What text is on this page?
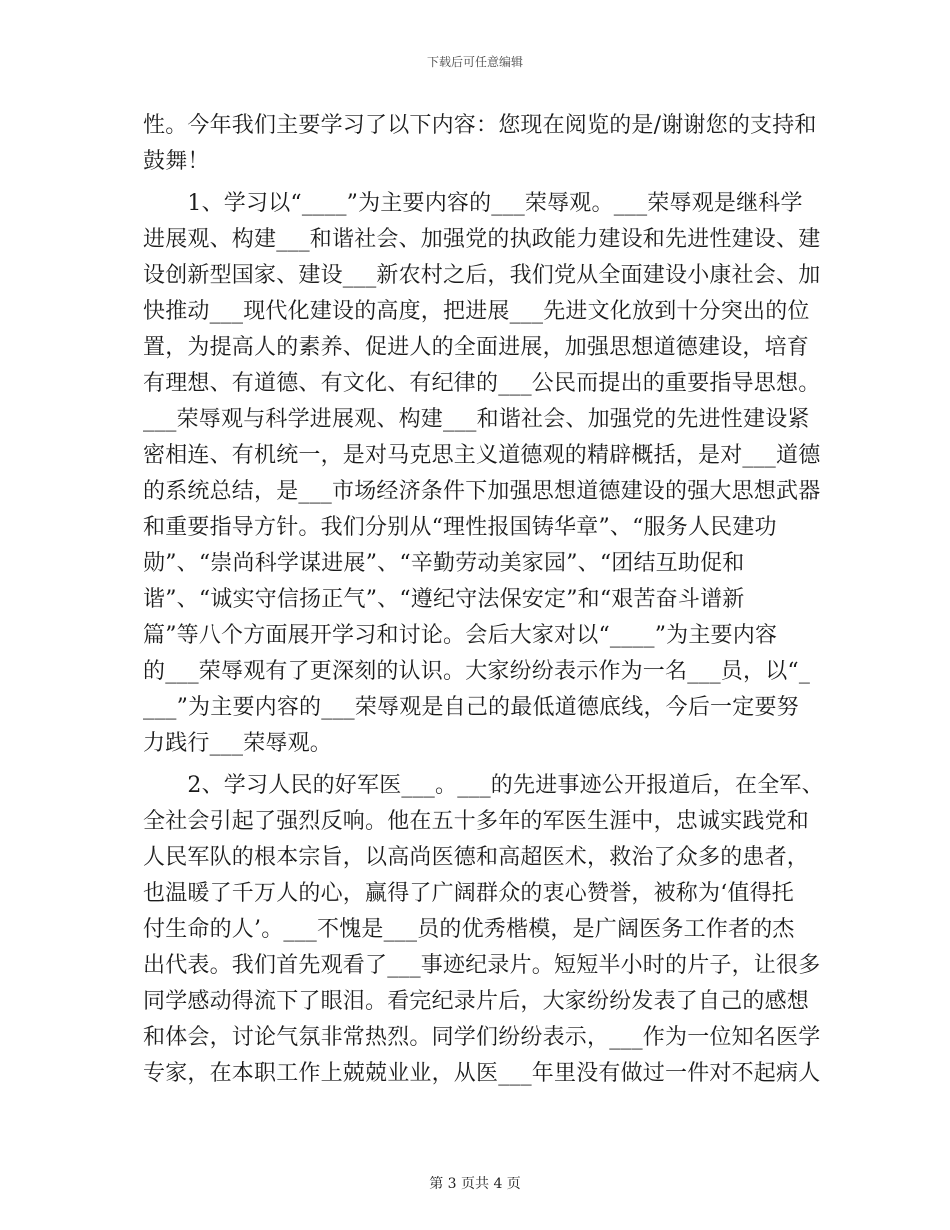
下载后可任意编辑
性。今年我们主要学习了以下内容：您现在阅览的是/谢谢您的支持和
鼓舞！
　　1、学习以“____”为主要内容的___荣辱观。___荣辱观是继科学
进展观、构建___和谐社会、加强党的执政能力建设和先进性建设、建
设创新型国家、建设___新农村之后，我们党从全面建设小康社会、加
快推动___现代化建设的高度，把进展___先进文化放到十分突出的位
置，为提高人的素养、促进人的全面进展，加强思想道德建设，培育
有理想、有道德、有文化、有纪律的___公民而提出的重要指导思想。
___荣辱观与科学进展观、构建___和谐社会、加强党的先进性建设紧
密相连、有机统一，是对马克思主义道德观的精辟概括，是对___道德
的系统总结，是___市场经济条件下加强思想道德建设的强大思想武器
和重要指导方针。我们分别从“理性报国铸华章”、“服务人民建功
勋”、“崇尚科学谋进展”、“辛勤劳动美家园”、“团结互助促和
谐”、“诚实守信扬正气”、“遵纪守法保安定”和“艰苦奋斗谱新
篇”等八个方面展开学习和讨论。会后大家对以“____”为主要内容
的___荣辱观有了更深刻的认识。大家纷纷表示作为一名___员，以“_
___”为主要内容的___荣辱观是自己的最低道德底线，今后一定要努
力践行___荣辱观。
　　2、学习人民的好军医___。___的先进事迹公开报道后，在全军、
全社会引起了强烈反响。他在五十多年的军医生涯中，忠诚实践党和
人民军队的根本宗旨，以高尚医德和高超医术，救治了众多的患者，
也温暖了千万人的心，赢得了广阔群众的衷心赞誉，被称为‘值得托
付生命的人’。___不愧是___员的优秀楷模，是广阔医务工作者的杰
出代表。我们首先观看了___事迹纪录片。短短半小时的片子，让很多
同学感动得流下了眼泪。看完纪录片后，大家纷纷发表了自己的感想
和体会，讨论气氛非常热烈。同学们纷纷表示，___作为一位知名医学
专家，在本职工作上兢兢业业，从医___年里没有做过一件对不起病人
第 3 页共 4 页
